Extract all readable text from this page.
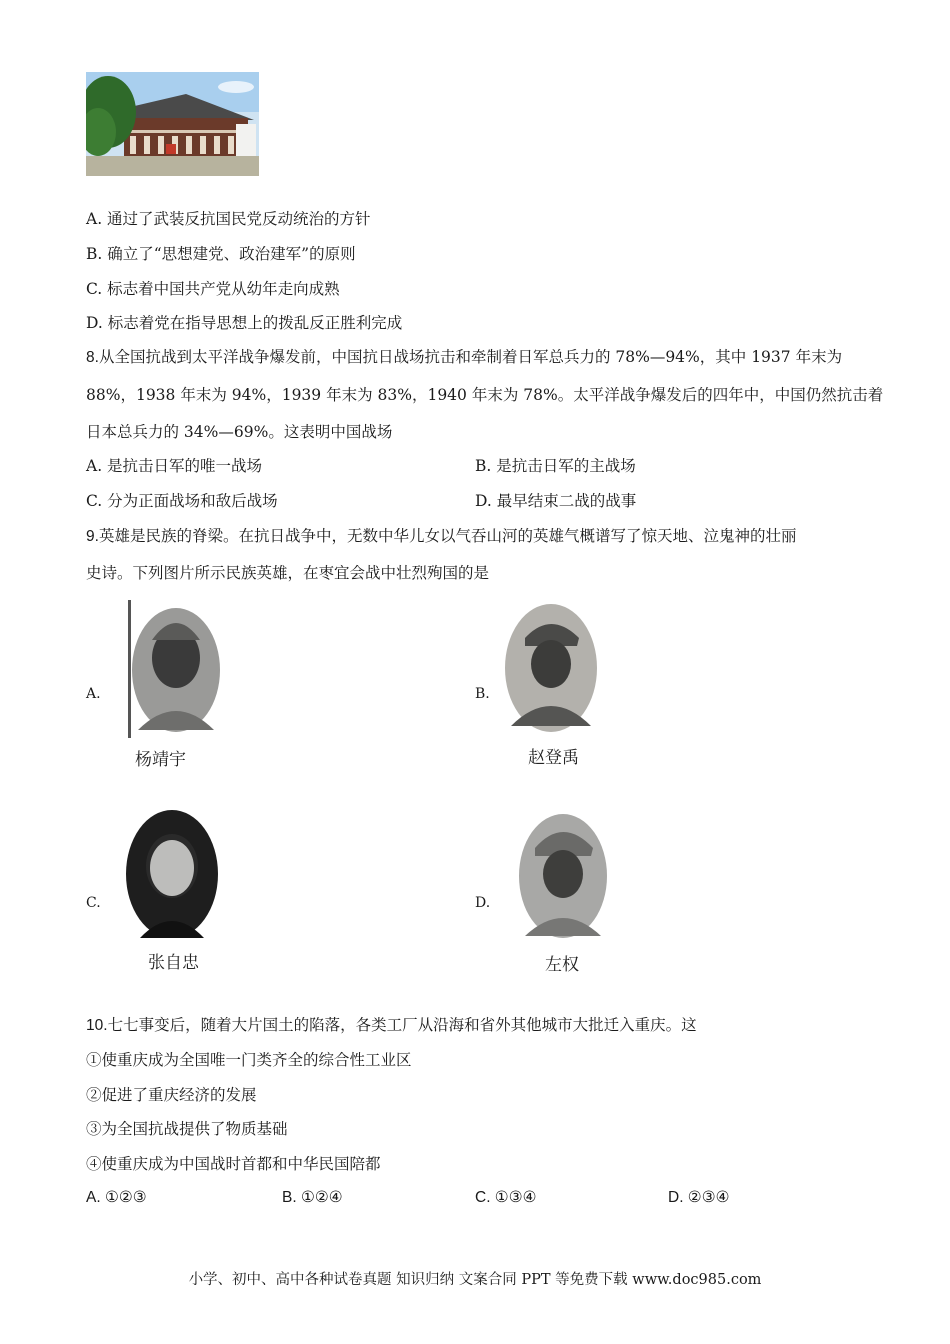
A. 通过了武装反抗国民党反动统治的方针
B. 确立了“思想建党、政治建军”的原则
C. 标志着中国共产党从幼年走向成熟
D. 标志着党在指导思想上的拨乱反正胜利完成
8.从全国抗战到太平洋战争爆发前，中国抗日战场抗击和牵制着日军总兵力的 78%—94%，其中 1937 年末为
88%，1938 年末为 94%，1939 年末为 83%，1940 年末为 78%。太平洋战争爆发后的四年中，中国仍然抗击着
日本总兵力的 34%—69%。这表明中国战场
A. 是抗击日军的唯一战场	B. 是抗击日军的主战场
C. 分为正面战场和敌后战场	D. 最早结束二战的战事
9.英雄是民族的脊梁。在抗日战争中，无数中华儿女以气吞山河的英雄气概谱写了惊天地、泣鬼神的壮丽
史诗。下列图片所示民族英雄，在枣宜会战中壮烈殉国的是
A.
杨靖宇
B.
赵登禹
C.
张自忠
D.
左权
10.七七事变后，随着大片国土的陷落，各类工厂从沿海和省外其他城市大批迁入重庆。这
①使重庆成为全国唯一门类齐全的综合性工业区
②促进了重庆经济的发展
③为全国抗战提供了物质基础
④使重庆成为中国战时首都和中华民国陪都
A. ①②③	B. ①②④	C. ①③④	D. ②③④
小学、初中、高中各种试卷真题 知识归纳 文案合同 PPT 等免费下载 www.doc985.com
